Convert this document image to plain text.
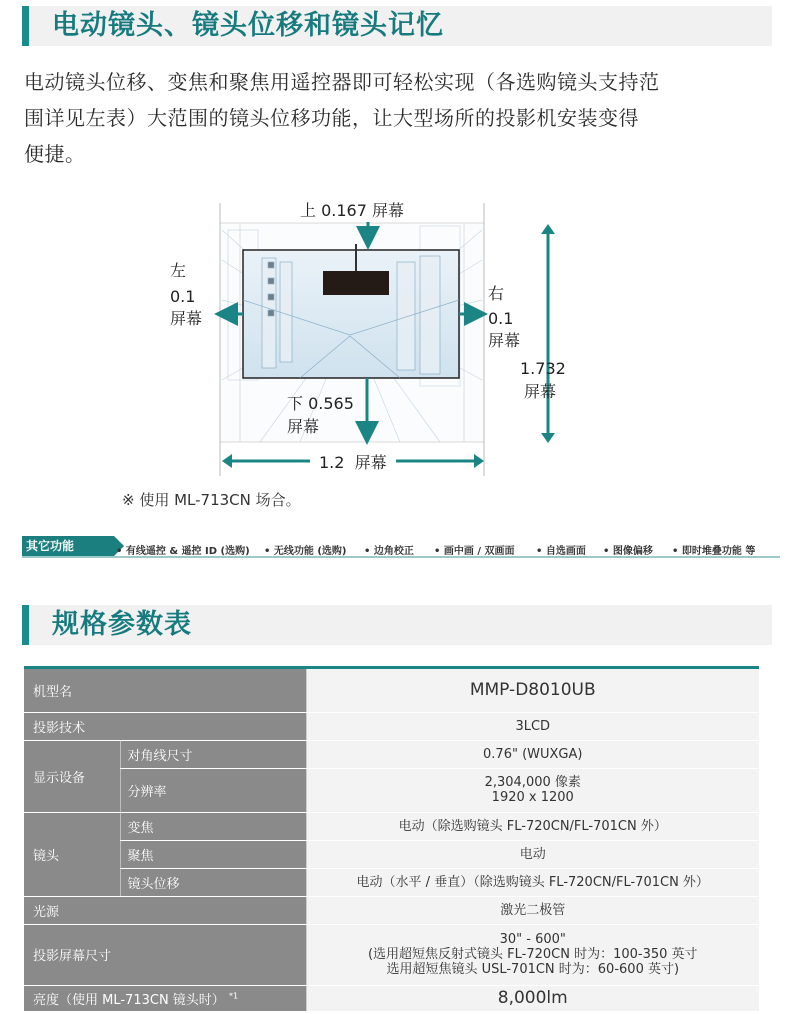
电动镜头、镜头位移和镜头记忆
电动镜头位移、变焦和聚焦用遥控器即可轻松实现（各选购镜头支持范
围详见左表）大范围的镜头位移功能，让大型场所的投影机安装变得
便捷。
上 0.167 屏幕
左
0.1
屏幕
右
0.1
屏幕
下 0.565
屏幕
1.732
屏幕
1.2  屏幕
※ 使用 ML-713CN 场合。
其它功能	• 有线遥控 & 遥控 ID (选购) • 无线功能 (选购) • 边角校正 • 画中画 / 双画面 • 自选画面 • 图像偏移 • 即时堆叠功能 等
规格参数表
机型名		MMP-D8010UB
投影技术		3LCD
显示设备	对角线尺寸	0.76" (WUXGA)
	分辨率	2,304,000 像素
1920 x 1200

镜头	变焦	电动（除选购镜头 FL-720CN/FL-701CN 外）
	聚焦	电动
	镜头位移	电动（水平 / 垂直）（除选购镜头 FL-720CN/FL-701CN 外）
光源		激光二极管
投影屏幕尺寸		30" - 600"
(选用超短焦反射式镜头 FL-720CN 时为：100-350 英寸
选用超短焦镜头 USL-701CN 时为：60-600 英寸)

亮度（使用 ML-713CN 镜头时） $^{*1}$		8,000lm
